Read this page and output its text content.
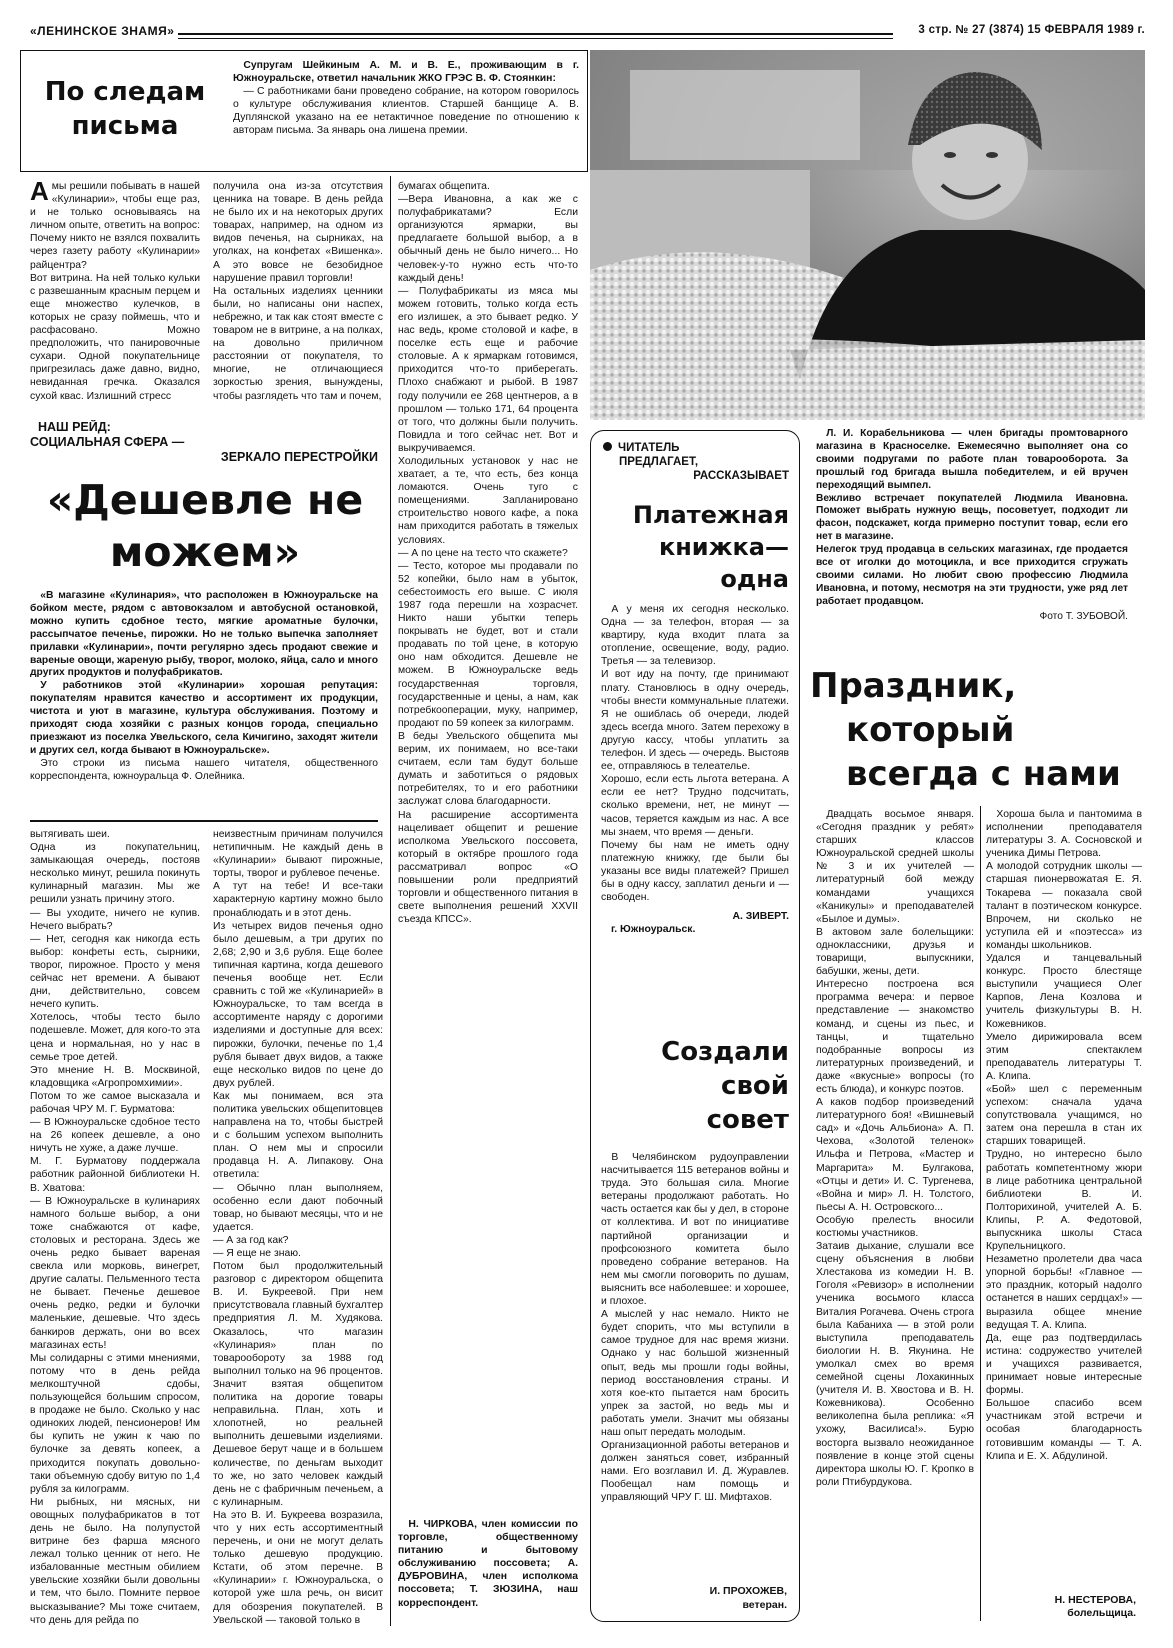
«ЛЕНИНСКОЕ ЗНАМЯ»	3 стр. № 27 (3874) 15 ФЕВРАЛЯ 1989 г.
По следам письма

Супругам Шейкиным А. М. и В. Е., проживающим в г. Южноуральске, ответил начальник ЖКО ГРЭС В. Ф. Стоянкин:

— С работниками бани проведено собрание, на котором говорилось о культуре обслуживания клиентов. Старшей банщице А. В. Дуплянской указано на ее нетактичное поведение по отношению к авторам письма. За январь она лишена премии.

Амы решили побывать в нашей «Кулинарии», чтобы еще раз, и не только основываясь на личном опыте, ответить на вопрос: Почему никто не взялся похвалить через газету работу «Кулинарии» райцентра?
Вот витрина. На ней только кульки с развешанным красным перцем и еще множество кулечков, в которых не сразу поймешь, что и расфасовано. Можно предположить, что панировочные сухари. Одной покупательнице пригрезилась даже давно, видно, невиданная гречка. Оказался сухой квас. Излишний стресс

получила она из-за отсутствия ценника на товаре. В день рейда не было их и на некоторых других товарах, например, на одном из видов печенья, на сырниках, на уголках, на конфетах «Вишенка». А это вовсе не безобидное нарушение правил торговли!
На остальных изделиях ценники были, но написаны они наспех, небрежно, и так как стоят вместе с товаром не в витрине, а на полках, на довольно приличном расстоянии от покупателя, то многие, не отличающиеся зоркостью зрения, вынуждены, чтобы разглядеть что там и почем,

бумагах общепита.
—Вера Ивановна, а как же с полуфабрикатами? Если организуются ярмарки, вы предлагаете большой выбор, а в обычный день не было ничего... Но человек-у-то нужно есть что-то каждый день!
— Полуфабрикаты из мяса мы можем готовить, только когда есть его излишек, а это бывает редко. У нас ведь, кроме столовой и кафе, в поселке есть еще и рабочие столовые. А к ярмаркам готовимся, приходится что-то приберегать. Плохо снабжают и рыбой. В 1987 году получили ее 268 центнеров, а в прошлом — только 171, 64 процента от того, что должны были получить. Повидла и того сейчас нет. Вот и выкручиваемся.
Холодильных установок у нас не хватает, а те, что есть, без конца ломаются. Очень туго с помещениями. Запланировано строительство нового кафе, а пока нам приходится работать в тяжелых условиях.
— А по цене на тесто что скажете?
— Тесто, которое мы продавали по 52 копейки, было нам в убыток, себестоимость его выше. С июля 1987 года перешли на хозрасчет. Никто наши убытки теперь покрывать не будет, вот и стали продавать по той цене, в которую оно нам обходится. Дешевле не можем. В Южноуральске ведь государственная торговля, государственные и цены, а нам, как потребкооперации, муку, например, продают по 59 копеек за килограмм.
В беды Увельского общепита мы верим, их понимаем, но все-таки считаем, если там будут больше думать и заботиться о рядовых потребителях, то и его работники заслужат слова благодарности.
На расширение ассортимента нацеливает общепит и решение исполкома Увельского поссовета, который в октябре прошлого года рассматривал вопрос «О повышении роли предприятий торговли и общественного питания в свете выполнения решений XXVII съезда КПСС».

НАШ РЕЙД:
СОЦИАЛЬНАЯ СФЕРА —
ЗЕРКАЛО ПЕРЕСТРОЙКИ
«Дешевле не можем»

«В магазине «Кулинария», что расположен в Южноуральске на бойком месте, рядом с автовокзалом и автобусной остановкой, можно купить сдобное тесто, мягкие ароматные булочки, рассыпчатое печенье, пирожки. Но не только выпечка заполняет прилавки «Кулинарии», почти регулярно здесь продают свежие и вареные овощи, жареную рыбу, творог, молоко, яйца, сало и много других продуктов и полуфабрикатов.

У работников этой «Кулинарии» хорошая репутация: покупателям нравится качество и ассортимент их продукции, чистота и уют в магазине, культура обслуживания. Поэтому и приходят сюда хозяйки с разных концов города, специально приезжают из поселка Увельского, села Кичигино, заходят жители и других сел, когда бывают в Южноуральске».

Это строки из письма нашего читателя, общественного корреспондента, южноуральца Ф. Олейника.

вытягивать шеи.
Одна из покупательниц, замыкающая очередь, постояв несколько минут, решила покинуть кулинарный магазин. Мы же решили узнать причину этого.
— Вы уходите, ничего не купив. Нечего выбрать?
— Нет, сегодня как никогда есть выбор: конфеты есть, сырники, творог, пирожное. Просто у меня сейчас нет времени. А бывают дни, действительно, совсем нечего купить.
Хотелось, чтобы тесто было подешевле. Может, для кого-то эта цена и нормальная, но у нас в семье трое детей.
Это мнение Н. В. Москвиной, кладовщика «Агропромхимии».
Потом то же самое высказала и рабочая ЧРУ М. Г. Бурматова:
— В Южноуральске сдобное тесто на 26 копеек дешевле, а оно ничуть не хуже, а даже лучше.
М. Г. Бурматову поддержала работник районной библиотеки Н. В. Хватова:
— В Южноуральске в кулинариях намного больше выбор, а они тоже снабжаются от кафе, столовых и ресторана. Здесь же очень редко бывает вареная свекла или морковь, винегрет, другие салаты. Пельменного теста не бывает. Печенье дешевое очень редко, редки и булочки маленькие, дешевые. Что здесь банкиров держать, они во всех магазинах есть!
Мы солидарны с этими мнениями, потому что в день рейда мелкоштучной сдобы, пользующейся большим спросом, в продаже не было. Сколько у нас одиноких людей, пенсионеров! Им бы купить не ужин к чаю по булочке за девять копеек, а приходится покупать довольно-таки объемную сдобу витую по 1,4 рубля за килограмм.
Ни рыбных, ни мясных, ни овощных полуфабрикатов в тот день не было. На полупустой витрине без фарша мясного лежал только ценник от него. Не избалованные местным обилием увельские хозяйки были довольны и тем, что было. Помните первое высказывание? Мы тоже считаем, что день для рейда по

неизвестным причинам получился нетипичным. Не каждый день в «Кулинарии» бывают пирожные, торты, творог и рублевое печенье.
А тут на тебе! И все-таки характерную картину можно было пронаблюдать и в этот день.
Из четырех видов печенья одно было дешевым, а три других по 2,68; 2,90 и 3,6 рубля. Еще более типичная картина, когда дешевого печенья вообще нет. Если сравнить с той же «Кулинарией» в Южноуральске, то там всегда в ассортименте наряду с дорогими изделиями и доступные для всех: пирожки, булочки, печенье по 1,4 рубля бывает двух видов, а также еще несколько видов по цене до двух рублей.
Как мы понимаем, вся эта политика увельских общепитовцев направлена на то, чтобы быстрей и с большим успехом выполнить план. О нем мы и спросили продавца Н. А. Липакову. Она ответила:
— Обычно план выполняем, особенно если дают побочный товар, но бывают месяцы, что и не удается.
— А за год как?
— Я еще не знаю.
Потом был продолжительный разговор с директором общепита В. И. Букреевой. При нем присутствовала главный бухгалтер предприятия Л. М. Худякова. Оказалось, что магазин «Кулинария» план по товарообороту за 1988 год выполнил только на 96 процентов. Значит взятая общепитом политика на дорогие товары неправильна. План, хоть и хлопотней, но реальней выполнить дешевыми изделиями. Дешевое берут чаще и в большем количестве, по деньгам выходит то же, но зато человек каждый день не с фабричным печеньем, а с кулинарным.
На это В. И. Букреева возразила, что у них есть ассортиментный перечень, и они не могут делать только дешевую продукцию. Кстати, об этом перечне. В «Кулинарии» г. Южноуральска, о которой уже шла речь, он висит для обозрения покупателей. В Увельской — таковой только в

Н. ЧИРКОВА, член комиссии по торговле, общественному питанию и бытовому обслуживанию поссовета; А. ДУБРОВИНА, член исполкома поссовета; Т. ЗЮЗИНА, наш корреспондент.

ЧИТАТЕЛЬ
ПРЕДЛАГАЕТ,
РАССКАЗЫВАЕТ
Платежная книжка— одна

А у меня их сегодня несколько. Одна — за телефон, вторая — за квартиру, куда входит плата за отопление, освещение, воду, радио. Третья — за телевизор.
И вот иду на почту, где принимают плату. Становлюсь в одну очередь, чтобы внести коммунальные платежи. Я не ошиблась об очереди, людей здесь всегда много. Затем перехожу в другую кассу, чтобы уплатить за телефон. И здесь — очередь. Выстояв ее, отправляюсь в телеателье.
Хорошо, если есть льгота ветерана. А если ее нет? Трудно подсчитать, сколько времени, нет, не минут — часов, теряется каждым из нас. А все мы знаем, что время — деньги.
Почему бы нам не иметь одну платежную книжку, где были бы указаны все виды платежей? Пришел бы в одну кассу, заплатил деньги и — свободен.

А. ЗИВЕРТ.
г. Южноуральск.
Создали свой совет

В Челябинском рудоуправлении насчитывается 115 ветеранов войны и труда. Это большая сила. Многие ветераны продолжают работать. Но часть остается как бы у дел, в стороне от коллектива. И вот по инициативе партийной организации и профсоюзного комитета было проведено собрание ветеранов. На нем мы смогли поговорить по душам, выяснить все наболевшее: и хорошее, и плохое.
А мыслей у нас немало. Никто не будет спорить, что мы вступили в самое трудное для нас время жизни. Однако у нас большой жизненный опыт, ведь мы прошли годы войны, период восстановления страны. И хотя кое-кто пытается нам бросить упрек за застой, но ведь мы и работать умели. Значит мы обязаны наш опыт передать молодым.
Организационной работы ветеранов и должен заняться совет, избранный нами. Его возглавил И. Д. Журавлев. Пообещал нам помощь и управляющий ЧРУ Г. Ш. Мифтахов.

И. ПРОХОЖЕВ,
ветеран.

Л. И. Корабельникова — член бригады промтоварного магазина в Красноселке. Ежемесячно выполняет она со своими подругами по работе план товарооборота. За прошлый год бригада вышла победителем, и ей вручен переходящий вымпел.
Вежливо встречает покупателей Людмила Ивановна. Поможет выбрать нужную вещь, посоветует, подходит ли фасон, подскажет, когда примерно поступит товар, если его нет в магазине.
Нелегок труд продавца в сельских магазинах, где продается все от иголки до мотоцикла, и все приходится сгружать своими силами. Но любит свою профессию Людмила Ивановна, и потому, несмотря на эти трудности, уже ряд лет работает продавцом.

Фото Т. ЗУБОВОЙ.
Праздник,
который
всегда с нами

Двадцать восьмое января. «Сегодня праздник у ребят» старших классов Южноуральской средней школы № 3 и их учителей — литературный бой между командами учащихся «Каникулы» и преподавателей «Былое и думы».
В актовом зале болельщики: одноклассники, друзья и товарищи, выпускники, бабушки, жены, дети.
Интересно построена вся программа вечера: и первое представление — знакомство команд, и сцены из пьес, и танцы, и тщательно подобранные вопросы из литературных произведений, и даже «вкусные» вопросы (то есть блюда), и конкурс поэтов.
А каков подбор произведений литературного боя! «Вишневый сад» и «Дочь Альбиона» А. П. Чехова, «Золотой теленок» Ильфа и Петрова, «Мастер и Маргарита» М. Булгакова, «Отцы и дети» И. С. Тургенева, «Война и мир» Л. Н. Толстого, пьесы А. Н. Островского...
Особую прелесть вносили костюмы участников.
Затаив дыхание, слушали все сцену объяснения в любви Хлестакова из комедии Н. В. Гоголя «Ревизор» в исполнении ученика восьмого класса Виталия Рогачева. Очень строга была Кабаниха — в этой роли выступила преподаватель биологии Н. В. Якунина. Не умолкал смех во время семейной сцены Лохакинных (учителя И. В. Хвостова и В. Н. Кожевникова). Особенно великолепна была реплика: «Я ухожу, Василиса!». Бурю восторга вызвало неожиданное появление в конце этой сцены директора школы Ю. Г. Кропко в роли Птибурдукова.

Хороша была и пантомима в исполнении преподавателя литературы З. А. Сосновской и ученика Димы Петрова.
А молодой сотрудник школы — старшая пионервожатая Е. Я. Токарева — показала свой талант в поэтическом конкурсе. Впрочем, ни сколько не уступила ей и «поэтесса» из команды школьников.
Удался и танцевальный конкурс. Просто блестяще выступили учащиеся Олег Карпов, Лена Козлова и учитель физкультуры В. Н. Кожевников.
Умело дирижировала всем этим спектаклем преподаватель литературы Т. А. Клипа.
«Бой» шел с переменным успехом: сначала удача сопутствовала учащимся, но затем она перешла в стан их старших товарищей.
Трудно, но интересно было работать компетентному жюри в лице работника центральной библиотеки В. И. Полторихиной, учителей А. Б. Клипы, Р. А. Федотовой, выпускника школы Стаса Крупельницкого.
Незаметно пролетели два часа упорной борьбы! «Главное — это праздник, который надолго останется в наших сердцах!» — выразила общее мнение ведущая Т. А. Клипа.
Да, еще раз подтвердилась истина: содружество учителей и учащихся развивается, принимает новые интересные формы.
Большое спасибо всем участникам этой встречи и особая благодарность готовившим команды — Т. А. Клипа и Е. Х. Абдулиной.

Н. НЕСТЕРОВА,
болельщица.
